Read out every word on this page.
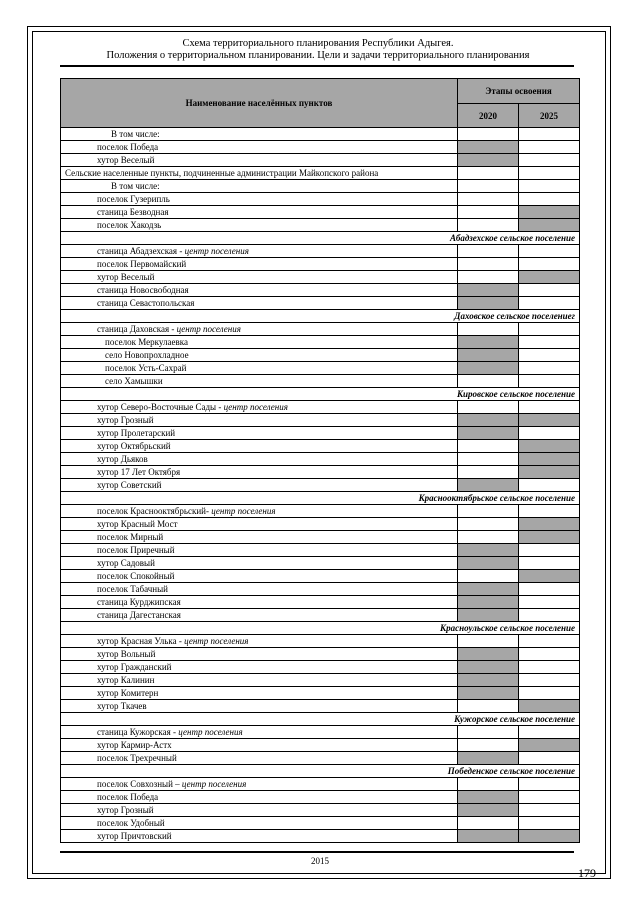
Схема территориального планирования Республики Адыгея.
Положения о территориальном планировании. Цели и задачи территориального планирования
Наименование населённых пунктов	Этапы освоения	
	2020	2025
В том числе:		
поселок Победа		
хутор Веселый		
Сельские населенные пункты, подчиненные администрации Майкопского района		
В том числе:		
поселок Гузерипль		
станица Безводная		
поселок Хакодзь		
Абадзехское сельское поселение		
станица Абадзехская - центр поселения		
поселок Первомайский		
хутор Веселый		
станица Новосвободная		
станица Севастопольская		
Даховское сельское поселениег		
станица Даховская - центр поселения		
поселок Меркулаевка		
село Новопрохладное		
поселок Усть-Сахрай		
село Хамышки		
Кировское сельское поселение		
хутор Северо-Восточные Сады - центр поселения		
хутор Грозный		
хутор Пролетарский		
хутор Октябрьский		
хутор Дьяков		
хутор 17 Лет Октября		
хутор Советский		
Краснооктябрьское сельское поселение		
поселок Краснооктябрьский- центр поселения		
хутор Красный Мост		
поселок Мирный		
поселок Приречный		
хутор Садовый		
поселок Спокойный		
поселок Табачный		
станица Курджипская		
станица Дагестанская		
Красноульское сельское поселение		
хутор Красная Улька - центр поселения		
хутор Вольный		
хутор Гражданский		
хутор Калинин		
хутор Комитерн		
хутор Ткачев		
Кужорское сельское поселение		
станица Кужорская - центр поселения		
хутор Кармир-Астх		
поселок Трехречный		
Победенское сельское поселение		
поселок Совхозный – центр поселения		
поселок Победа		
хутор Грозный		
поселок Удобный		
хутор Причтовский		
2015
179
